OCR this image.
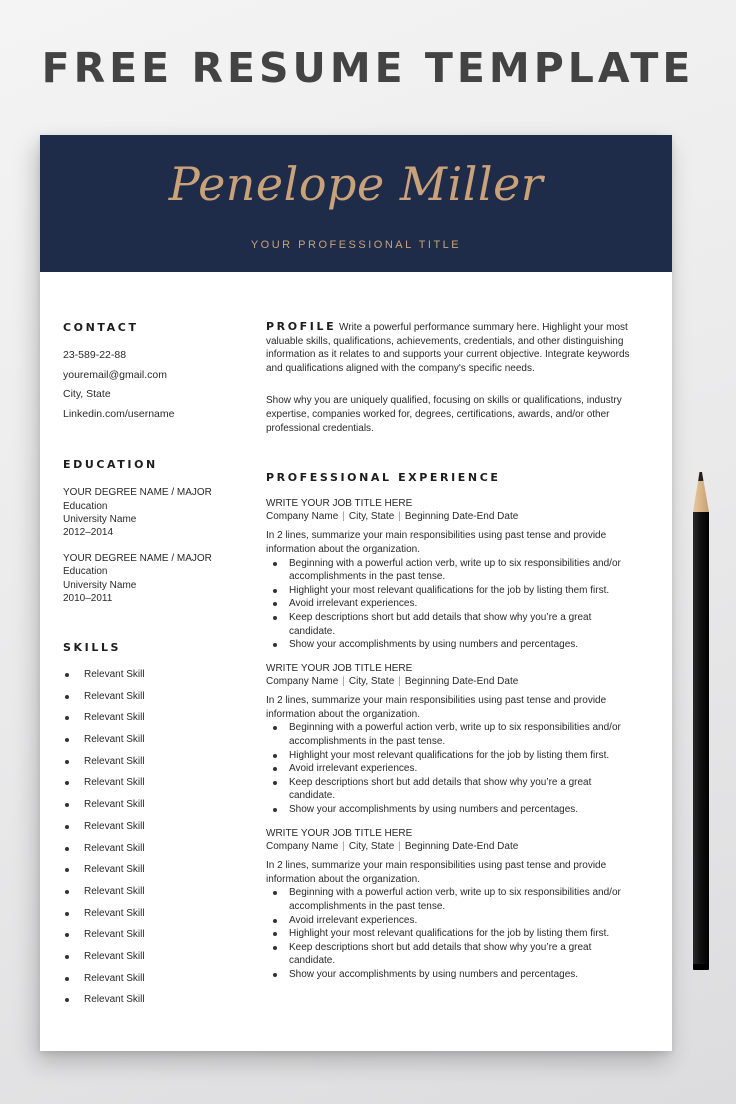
FREE RESUME TEMPLATE
Penelope Miller
YOUR PROFESSIONAL TITLE
CONTACT
23-589-22-88
youremail@gmail.com
City, State
Linkedin.com/username
EDUCATION
YOUR DEGREE NAME / MAJOR
Education
University Name
2012–2014
YOUR DEGREE NAME / MAJOR
Education
University Name
2010–2011
SKILLS
Relevant Skill
Relevant Skill
Relevant Skill
Relevant Skill
Relevant Skill
Relevant Skill
Relevant Skill
Relevant Skill
Relevant Skill
Relevant Skill
Relevant Skill
Relevant Skill
Relevant Skill
Relevant Skill
Relevant Skill
Relevant Skill
PROFILE Write a powerful performance summary here. Highlight your most valuable skills, qualifications, achievements, credentials, and other distinguishing information as it relates to and supports your current objective. Integrate keywords and qualifications aligned with the company's specific needs.
Show why you are uniquely qualified, focusing on skills or qualifications, industry expertise, companies worked for, degrees, certifications, awards, and/or other professional credentials.
PROFESSIONAL EXPERIENCE
WRITE YOUR JOB TITLE HERE
Company Name | City, State | Beginning Date-End Date
In 2 lines, summarize your main responsibilities using past tense and provide information about the organization.
Beginning with a powerful action verb, write up to six responsibilities and/or accomplishments in the past tense.
Highlight your most relevant qualifications for the job by listing them first.
Avoid irrelevant experiences.
Keep descriptions short but add details that show why you’re a great candidate.
Show your accomplishments by using numbers and percentages.
WRITE YOUR JOB TITLE HERE
Company Name | City, State | Beginning Date-End Date
In 2 lines, summarize your main responsibilities using past tense and provide information about the organization.
Beginning with a powerful action verb, write up to six responsibilities and/or accomplishments in the past tense.
Highlight your most relevant qualifications for the job by listing them first.
Avoid irrelevant experiences.
Keep descriptions short but add details that show why you’re a great candidate.
Show your accomplishments by using numbers and percentages.
WRITE YOUR JOB TITLE HERE
Company Name | City, State | Beginning Date-End Date
In 2 lines, summarize your main responsibilities using past tense and provide information about the organization.
Beginning with a powerful action verb, write up to six responsibilities and/or accomplishments in the past tense.
Avoid irrelevant experiences.
Highlight your most relevant qualifications for the job by listing them first.
Keep descriptions short but add details that show why you’re a great candidate.
Show your accomplishments by using numbers and percentages.
